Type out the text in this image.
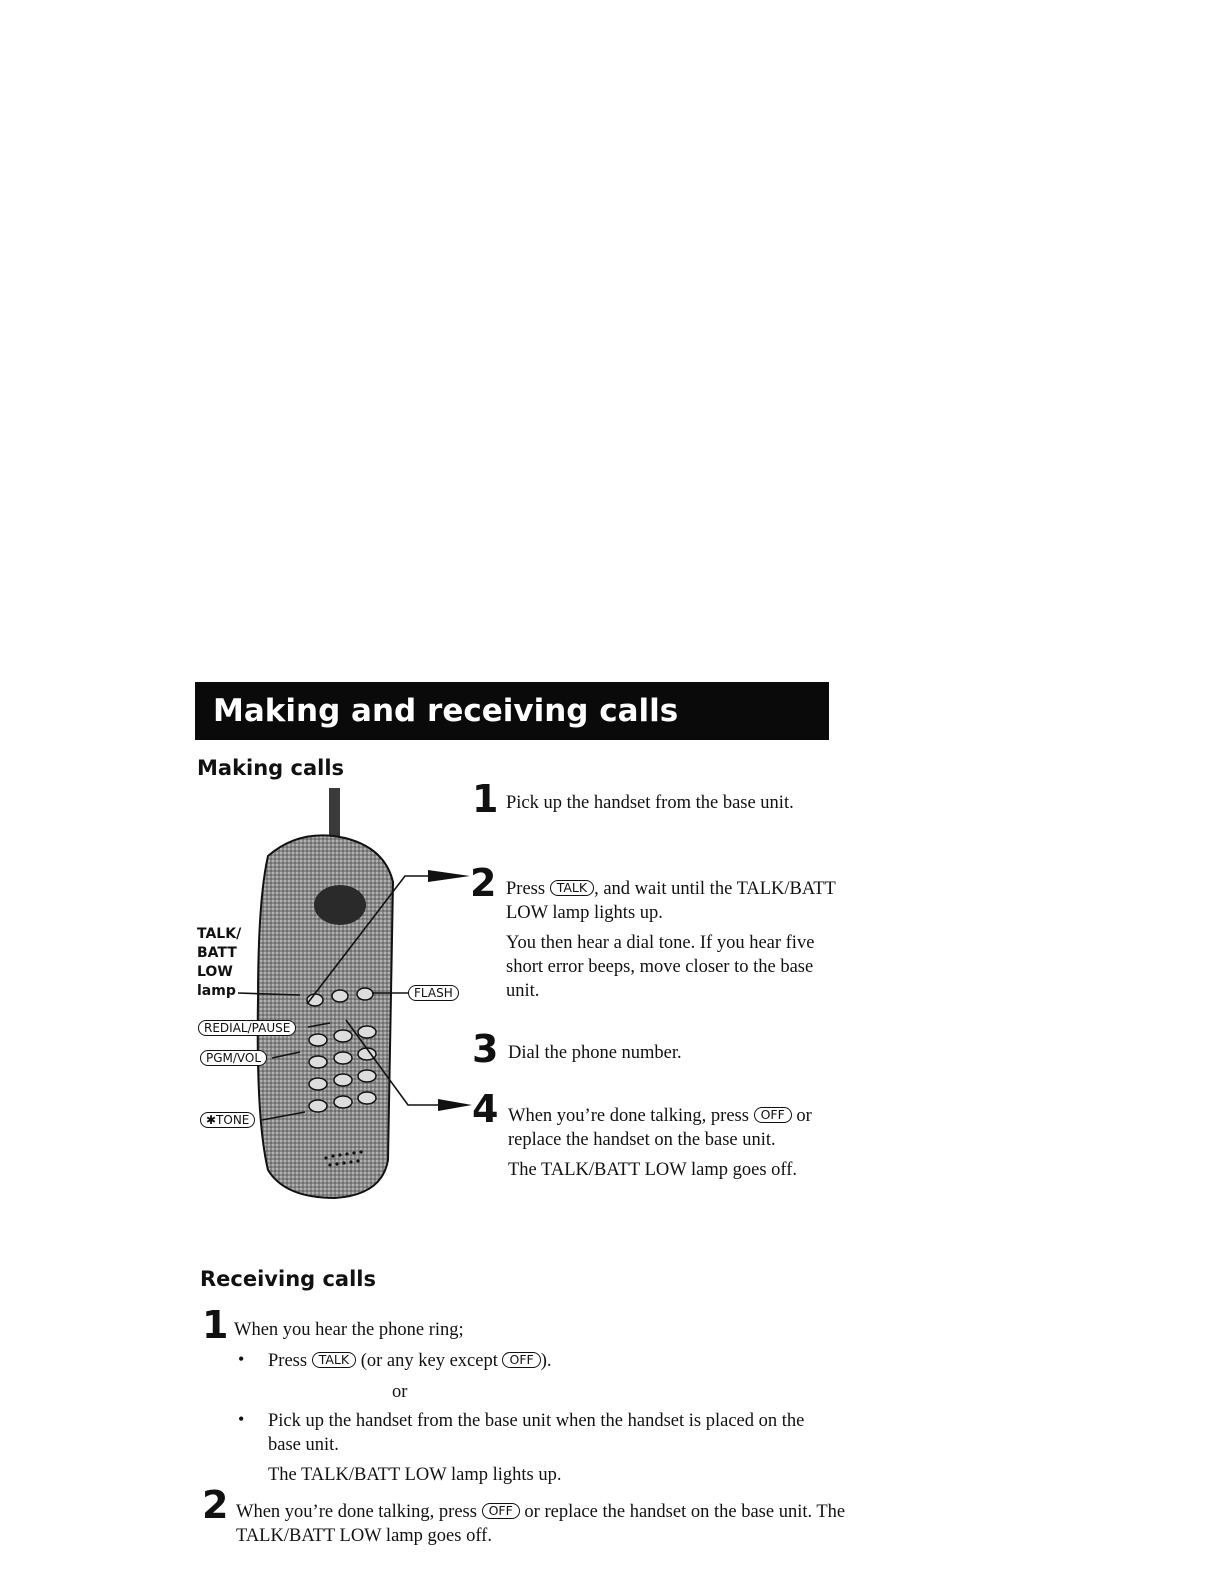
Making and receiving calls
Making calls
TALK/
BATT
LOW
lamp	FLASH
REDIAL/PAUSE
PGM/VOL
✱TONE
1 Pick up the handset from the base unit.

2 Press TALK , and wait until the TALK/BATT LOW lamp lights up.

You then hear a dial tone. If you hear five short error beeps, move closer to the base unit.

3 Dial the phone number.

4 When you’re done talking, press OFF or replace the handset on the base unit.

The TALK/BATT LOW lamp goes off.

Receiving calls
1 When you hear the phone ring;

• Press TALK (or any key except OFF ).

or
• Pick up the handset from the base unit when the handset is placed on the base unit.

The TALK/BATT LOW lamp lights up.

2 When you’re done talking, press OFF or replace the handset on the base unit. The TALK/BATT LOW lamp goes off.
